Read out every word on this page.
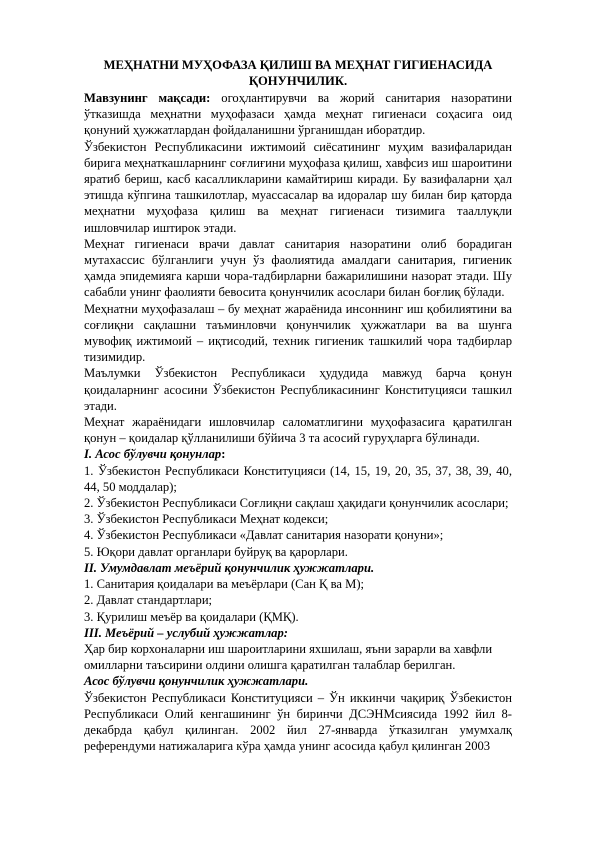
МЕҲНАТНИ МУҲОФАЗА ҚИЛИШ ВА МЕҲНАТ ГИГИЕНАСИДА ҚОНУНЧИЛИК.

Мавзунинг мақсади: огоҳлантирувчи ва жорий санитария назоратини ўтказишда меҳнатни муҳофазаси ҳамда меҳнат гигиенаси соҳасига оид қонуний ҳужжатлардан фойдаланишни ўрганишдан иборатдир.

Ўзбекистон Республикасини ижтимоий сиёсатининг муҳим вазифаларидан бирига меҳнаткашларнинг соғлиғини муҳофаза қилиш, хавфсиз иш шароитини яратиб бериш, касб касалликларини камайтириш киради. Бу вазифаларни ҳал этишда кўпгина ташкилотлар, муассасалар ва идоралар шу билан бир қаторда меҳнатни муҳофаза қилиш ва меҳнат гигиенаси тизимига тааллуқли ишловчилар иштирок этади.

Меҳнат гигиенаси врачи давлат санитария назоратини олиб борадиган мутахассис бўлганлиги учун ўз фаолиятида амалдаги санитария, гигиеник ҳамда эпидемияга карши чора-тадбирларни бажарилишини назорат этади. Шу сабабли унинг фаолияти бевосита қонунчилик асослари билан боғлиқ бўлади.

Меҳнатни муҳофазалаш – бу меҳнат жараёнида инсоннинг иш қобилиятини ва соғлиқни сақлашни таъминловчи қонунчилик ҳужжатлари ва ва шунга мувофиқ ижтимоий – иқтисодий, техник гигиеник ташкилий чора тадбирлар тизимидир.

Маълумки Ўзбекистон Республикаси ҳудудида мавжуд барча қонун қоидаларнинг асосини Ўзбекистон Республикасининг Конституцияси ташкил этади.

Меҳнат жараёнидаги ишловчилар саломатлигини муҳофазасига қаратилган қонун – қоидалар қўлланилиши бўйича 3 та асосий гуруҳларга бўлинади.

I. Асос бўлувчи қонунлар:

1. Ўзбекистон Республикаси Конституцияси (14, 15, 19, 20, 35, 37, 38, 39, 40, 44, 50 моддалар);

2. Ўзбекистон Республикаси Соғлиқни сақлаш ҳақидаги қонунчилик асослари;

3. Ўзбекистон Республикаси Меҳнат кодекси;

4. Ўзбекистон Республикаси «Давлат санитария назорати қонуни»;

5. Юқори давлат органлари буйруқ ва қарорлари.

II. Умумдавлат меъёрий қонунчилик ҳужжатлари.

1. Санитария қоидалари ва меъёрлари (Сан Қ ва М);

2. Давлат стандартлари;

3. Қурилиш меъёр ва қоидалари (ҚМҚ).

III. Меъёрий – услубий ҳужжатлар:

Ҳар бир корхоналарни иш шароитларини яхшилаш, яъни зарарли ва хавфли омилларни таъсирини олдини олишга қаратилган талаблар берилган.

Асос бўлувчи қонунчилик ҳужжатлари.

Ўзбекистон Республикаси Конституцияси – Ўн иккинчи чақириқ Ўзбекистон Республикаси Олий кенгашининг ўн биринчи ДСЭНМсиясида 1992 йил 8-декабрда қабул қилинган. 2002 йил 27-январда ўтказилган умумхалқ референдуми натижаларига кўра ҳамда унинг асосида қабул қилинган 2003
